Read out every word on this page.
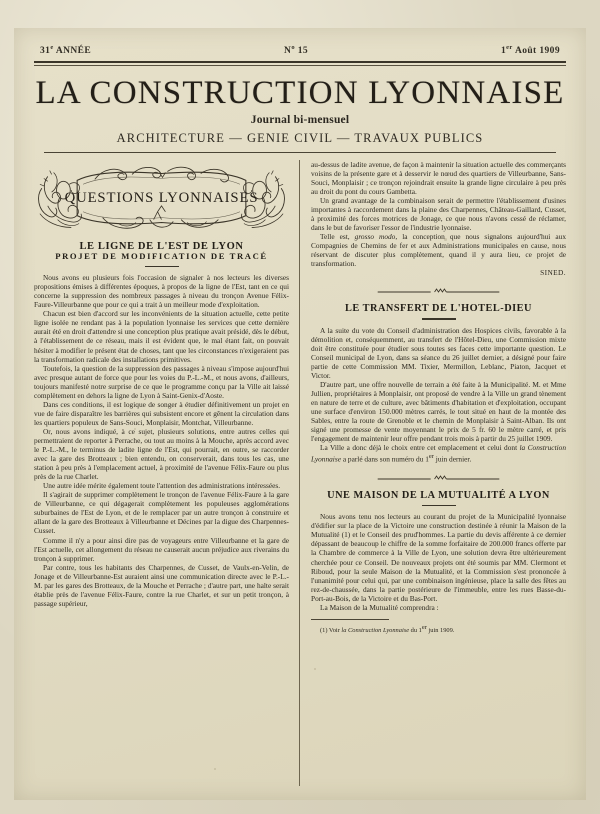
31e ANNÉE	$N^o$ 15	1er Août 1909
LA CONSTRUCTION LYONNAISE
Journal bi-mensuel
ARCHITECTURE — GENIE CIVIL — TRAVAUX PUBLICS
QUESTIONS LYONNAISES
LE LIGNE DE L'EST DE LYON
PROJET DE MODIFICATION DE TRACÉ

Nous avons eu plusieurs fois l'occasion de signaler à nos lecteurs les diverses propositions émises à différentes époques, à propos de la ligne de l'Est, tant en ce qui concerne la suppression des nombreux passages à niveau du tronçon Avenue Félix-Faure-Villeurbanne que pour ce qui a trait à un meilleur mode d'exploitation.

Chacun est bien d'accord sur les inconvénients de la situation actuelle, cette petite ligne isolée ne rendant pas à la population lyonnaise les services que cette dernière aurait été en droit d'attendre si une conception plus pratique avait présidé, dès le début, à l'établissement de ce réseau, mais il est évident que, le mal étant fait, on pouvait hésiter à modifier le présent état de choses, tant que les circonstances n'exigeraient pas la transformation radicale des installations primitives.

Toutefois, la question de la suppression des passages à niveau s'impose aujourd'hui avec presque autant de force que pour les voies du P.-L.-M., et nous avons, d'ailleurs, toujours manifesté notre surprise de ce que le programme conçu par la Ville ait laissé complètement en dehors la ligne de Lyon à Saint-Genix-d'Aoste.

Dans ces conditions, il est logique de songer à étudier définitivement un projet en vue de faire disparaître les barrières qui subsistent encore et gênent la circulation dans les quartiers populeux de Sans-Souci, Monplaisir, Montchat, Villeurbanne.

Or, nous avons indiqué, à ce sujet, plusieurs solutions, entre autres celles qui permettraient de reporter à Perrache, ou tout au moins à la Mouche, après accord avec le P.-L.-M., le terminus de ladite ligne de l'Est, qui pourrait, en outre, se raccorder avec la gare des Brotteaux ; bien entendu, on conserverait, dans tous les cas, une station à peu près à l'emplacement actuel, à proximité de l'avenue Félix-Faure ou plus près de la rue Charlet.

Une autre idée mérite également toute l'attention des administrations intéressées.

Il s'agirait de supprimer complètement le tronçon de l'avenue Félix-Faure à la gare de Villeurbanne, ce qui dégagerait complètement les populeuses agglomérations suburbaines de l'Est de Lyon, et de le remplacer par un autre tronçon à construire et allant de la gare des Brotteaux à Villeurbanne et Décines par la digue des Charpennes-Cusset.

Comme il n'y a pour ainsi dire pas de voyageurs entre Villeurbanne et la gare de l'Est actuelle, cet allongement du réseau ne causerait aucun préjudice aux riverains du tronçon à supprimer.

Par contre, tous les habitants des Charpennes, de Cusset, de Vaulx-en-Velin, de Jonage et de Villeurbanne-Est auraient ainsi une communication directe avec le P.-L.-M. par les gares des Brotteaux, de la Mouche et Perrache ; d'autre part, une halte serait établie près de l'avenue Félix-Faure, contre la rue Charlet, et sur un petit tronçon, à passage supérieur,

au-dessus de ladite avenue, de façon à maintenir la situation actuelle des commerçants voisins de la présente gare et à desservir le nœud des quartiers de Villeurbanne, Sans-Souci, Monplaisir ; ce tronçon rejoindrait ensuite la grande ligne circulaire à peu près au droit du pont du cours Gambetta.

Un grand avantage de la combinaison serait de permettre l'établissement d'usines importantes à raccordement dans la plaine des Charpennes, Château-Gaillard, Cusset, à proximité des forces motrices de Jonage, ce que nous n'avons cessé de réclamer, dans le but de favoriser l'essor de l'industrie lyonnaise.

Telle est, grosso modo, la conception que nous signalons aujourd'hui aux Compagnies de Chemins de fer et aux Administrations municipales en cause, nous réservant de discuter plus complètement, quand il y aura lieu, ce projet de transformation.

SINED.

LE TRANSFERT DE L'HOTEL-DIEU

A la suite du vote du Conseil d'administration des Hospices civils, favorable à la démolition et, conséquemment, au transfert de l'Hôtel-Dieu, une Commission mixte doit être constituée pour étudier sous toutes ses faces cette importante question. Le Conseil municipal de Lyon, dans sa séance du 26 juillet dernier, a désigné pour faire partie de cette Commission MM. Tixier, Mermillon, Leblanc, Piaton, Jacquet et Victor.

D'autre part, une offre nouvelle de terrain a été faite à la Municipalité. M. et Mme Jullien, propriétaires à Monplaisir, ont proposé de vendre à la Ville un grand tènement en nature de terre et de culture, avec bâtiments d'habitation et d'exploitation, occupant une surface d'environ 150.000 mètres carrés, le tout situé en haut de la montée des Sables, entre la route de Grenoble et le chemin de Monplaisir à Saint-Alban. Ils ont signé une promesse de vente moyennant le prix de 5 fr. 60 le mètre carré, et pris l'engagement de maintenir leur offre pendant trois mois à partir du 25 juillet 1909.

La Ville a donc déjà le choix entre cet emplacement et celui dont la Construction Lyonnaise a parlé dans son numéro du 1er juin dernier.

UNE MAISON DE LA MUTUALITÉ A LYON

Nous avons tenu nos lecteurs au courant du projet de la Municipalité lyonnaise d'édifier sur la place de la Victoire une construction destinée à réunir la Maison de la Mutualité (1) et le Conseil des prud'hommes. La partie du devis afférente à ce dernier dépassant de beaucoup le chiffre de la somme forfaitaire de 200.000 francs offerte par la Chambre de commerce à la Ville de Lyon, une solution devra être ultérieurement cherchée pour ce Conseil. De nouveaux projets ont été soumis par MM. Clermont et Riboud, pour la seule Maison de la Mutualité, et la Commission s'est prononcée à l'unanimité pour celui qui, par une combinaison ingénieuse, place la salle des fêtes au rez-de-chaussée, dans la partie postérieure de l'immeuble, entre les rues Basse-du-Port-au-Bois, de la Victoire et du Bas-Port.

La Maison de la Mutualité comprendra :

(1) Voir la Construction Lyonnaise du 1er juin 1909.
